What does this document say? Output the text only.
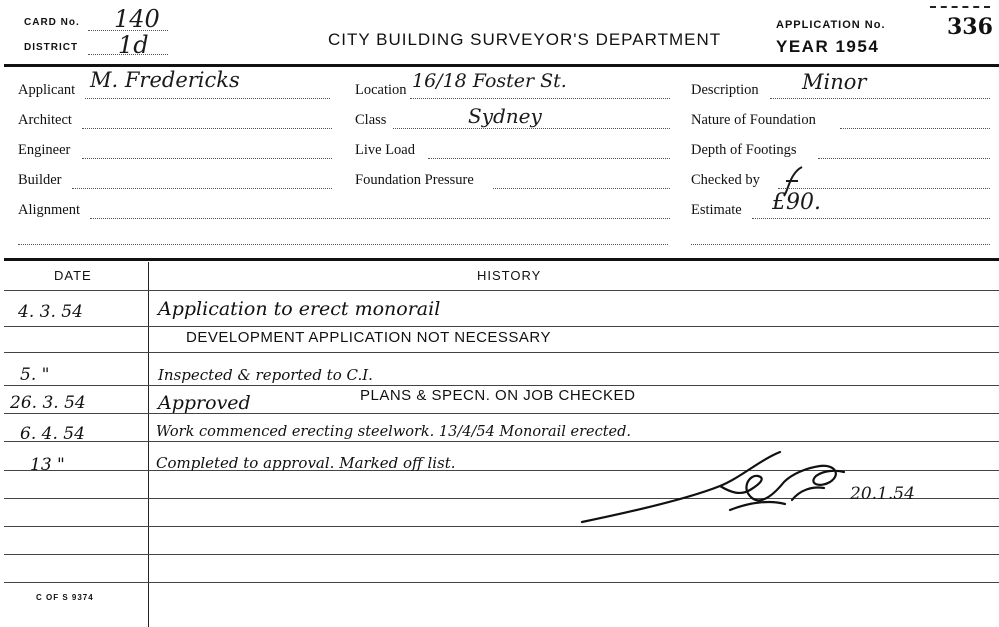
CARD No. 140
DISTRICT 1d	CITY BUILDING SURVEYOR'S DEPARTMENT
APPLICATION No.	336
YEAR 1954
Applicant M. Fredericks
Architect
Engineer
Builder
Alignment
Location 16/18 Foster St.
Class	Sydney
Live Load
Foundation Pressure
Description Minor
Nature of Foundation
Depth of Footings
Checked by
Estimate £90.
DATE	HISTORY
4. 3. 54	Application to erect monorail
DEVELOPMENT APPLICATION NOT NECESSARY
5. "	Inspected & reported to C.I.
26. 3. 54	Approved	PLANS & SPECN. ON JOB CHECKED
6. 4. 54	Work commenced erecting steelwork. 13/4/54 Monorail erected.
13 "	Completed to approval. Marked off list.
20.1.54
C OF S 9374
